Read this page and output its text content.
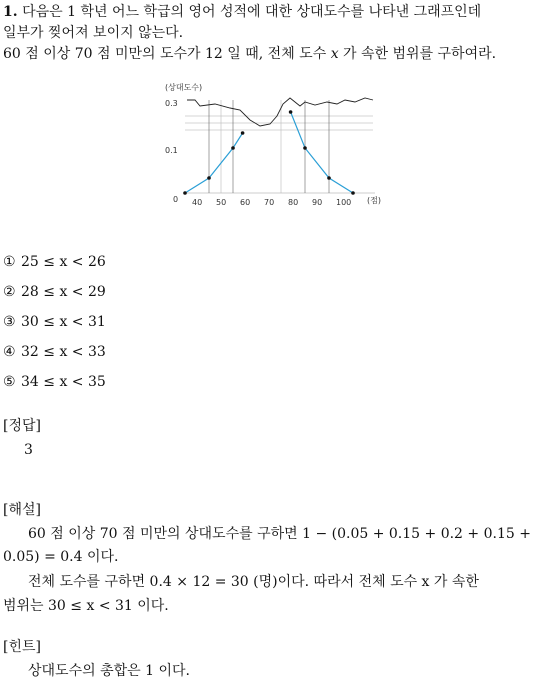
1. 다음은 1 학년 어느 학급의 영어 성적에 대한 상대도수를 나타낸 그래프인데
일부가 찢어져 보이지 않는다.
60 점 이상 70 점 미만의 도수가 12 일 때, 전체 도수 x 가 속한 범위를 구하여라.
(상대도수)
0.3
0.1
0 40 50 60 70 80 90 100 (점)
① 25 ≤ x < 26
② 28 ≤ x < 29
③ 30 ≤ x < 31
④ 32 ≤ x < 33
⑤ 34 ≤ x < 35
[정답]
3
[해설]
60 점 이상 70 점 미만의 상대도수를 구하면 1 − (0.05 + 0.15 + 0.2 + 0.15 +
0.05) = 0.4 이다.
전체 도수를 구하면 0.4 × 12 = 30 (명)이다. 따라서 전체 도수 x 가 속한
범위는 30 ≤ x < 31 이다.
[힌트]
상대도수의 총합은 1 이다.
